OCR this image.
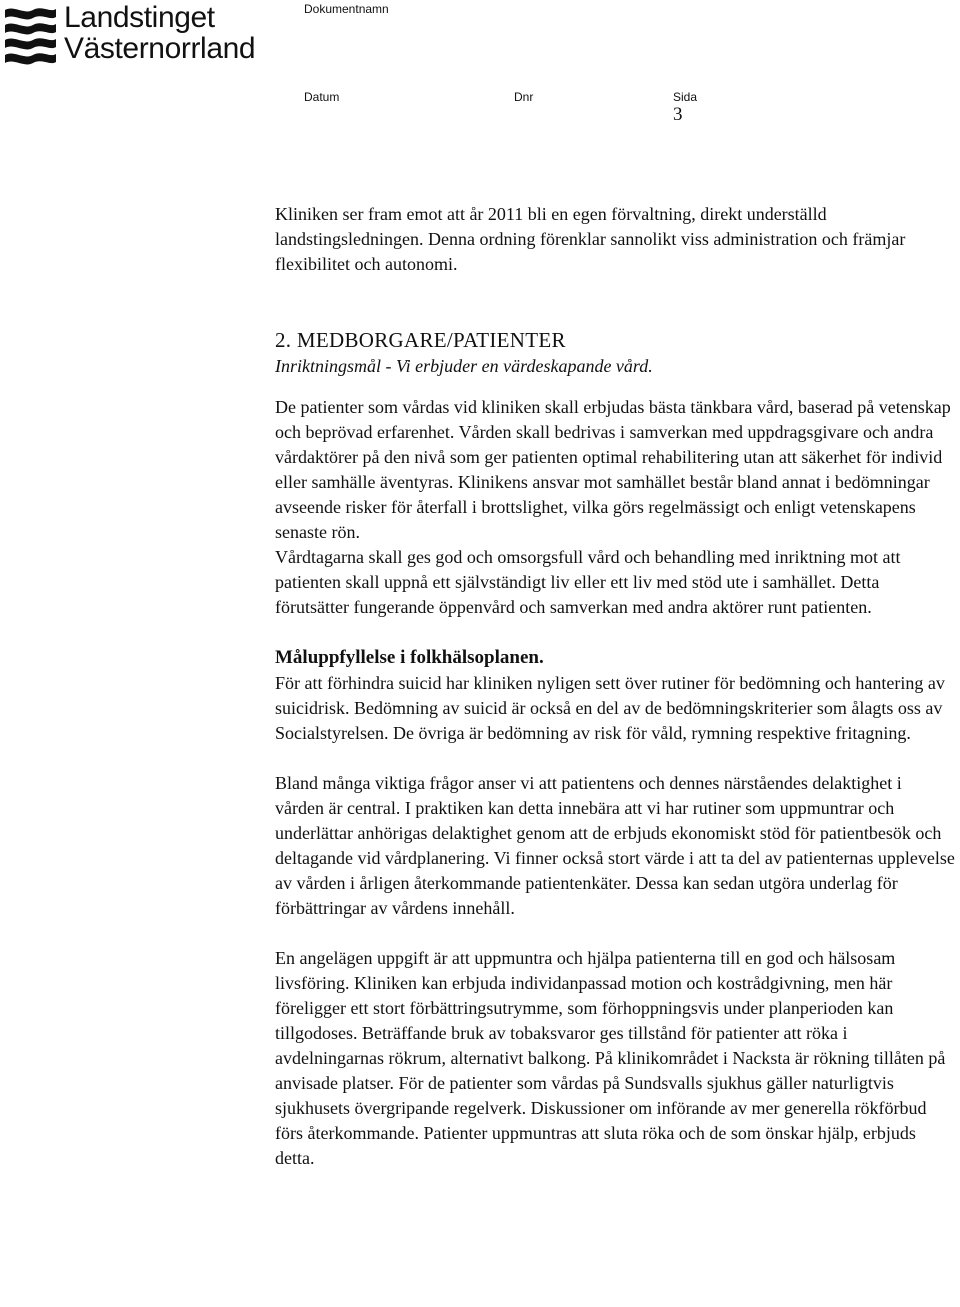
Landstinget
Västernorrland
Dokumentnamn
Datum	Dnr	Sida
3

Kliniken ser fram emot att år 2011 bli en egen förvaltning, direkt underställd landstingsledningen. Denna ordning förenklar sannolikt viss administration och främjar flexibilitet och autonomi.

2. MEDBORGARE/PATIENTER

Inriktningsmål - Vi erbjuder en värdeskapande vård.

De patienter som vårdas vid kliniken skall erbjudas bästa tänkbara vård, baserad på vetenskap och beprövad erfarenhet. Vården skall bedrivas i samverkan med uppdragsgivare och andra vårdaktörer på den nivå som ger patienten optimal rehabilitering utan att säkerhet för individ eller samhälle äventyras. Klinikens ansvar mot samhället består bland annat i bedömningar avseende risker för återfall i brottslighet, vilka görs regelmässigt och enligt vetenskapens senaste rön.

Vårdtagarna skall ges god och omsorgsfull vård och behandling med inriktning mot att patienten skall uppnå ett självständigt liv eller ett liv med stöd ute i samhället. Detta förutsätter fungerande öppenvård och samverkan med andra aktörer runt patienten.

Måluppfyllelse i folkhälsoplanen.

För att förhindra suicid har kliniken nyligen sett över rutiner för bedömning och hantering av suicidrisk. Bedömning av suicid är också en del av de bedömningskriterier som ålagts oss av Socialstyrelsen. De övriga är bedömning av risk för våld, rymning respektive fritagning.

Bland många viktiga frågor anser vi att patientens och dennes närståendes delaktighet i vården är central. I praktiken kan detta innebära att vi har rutiner som uppmuntrar och underlättar anhörigas delaktighet genom att de erbjuds ekonomiskt stöd för patientbesök och deltagande vid vårdplanering. Vi finner också stort värde i att ta del av patienternas upplevelse av vården i årligen återkommande patientenkäter. Dessa kan sedan utgöra underlag för förbättringar av vårdens innehåll.

En angelägen uppgift är att uppmuntra och hjälpa patienterna till en god och hälsosam livsföring. Kliniken kan erbjuda individanpassad motion och kostrådgivning, men här föreligger ett stort förbättringsutrymme, som förhoppningsvis under planperioden kan tillgodoses. Beträffande bruk av tobaksvaror ges tillstånd för patienter att röka i avdelningarnas rökrum, alternativt balkong. På klinikområdet i Nacksta är rökning tillåten på anvisade platser. För de patienter som vårdas på Sundsvalls sjukhus gäller naturligtvis sjukhusets övergripande regelverk. Diskussioner om införande av mer generella rökförbud förs återkommande. Patienter uppmuntras att sluta röka och de som önskar hjälp, erbjuds detta.
